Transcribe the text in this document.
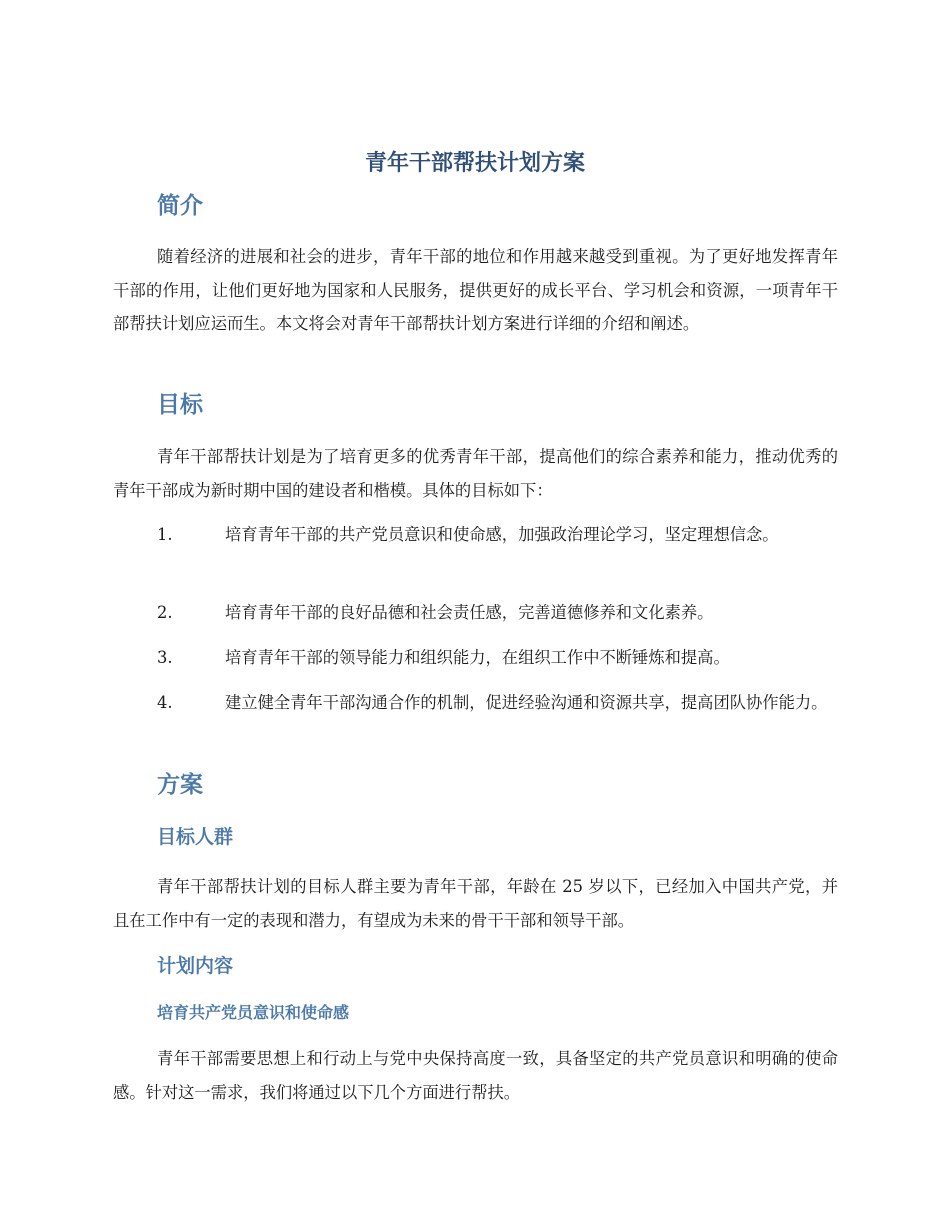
青年干部帮扶计划方案
简介

随着经济的进展和社会的进步，青年干部的地位和作用越来越受到重视。为了更好地发挥青年干部的作用，让他们更好地为国家和人民服务，提供更好的成长平台、学习机会和资源，一项青年干部帮扶计划应运而生。本文将会对青年干部帮扶计划方案进行详细的介绍和阐述。

目标

青年干部帮扶计划是为了培育更多的优秀青年干部，提高他们的综合素养和能力，推动优秀的青年干部成为新时期中国的建设者和楷模。具体的目标如下：

1.	培育青年干部的共产党员意识和使命感，加强政治理论学习，坚定理想信念。

2.	培育青年干部的良好品德和社会责任感，完善道德修养和文化素养。

3.	培育青年干部的领导能力和组织能力，在组织工作中不断锤炼和提高。

4.	建立健全青年干部沟通合作的机制，促进经验沟通和资源共享，提高团队协作能力。

方案
目标人群

青年干部帮扶计划的目标人群主要为青年干部，年龄在 25 岁以下，已经加入中国共产党，并且在工作中有一定的表现和潜力，有望成为未来的骨干干部和领导干部。

计划内容
培育共产党员意识和使命感

青年干部需要思想上和行动上与党中央保持高度一致，具备坚定的共产党员意识和明确的使命感。针对这一需求，我们将通过以下几个方面进行帮扶。
